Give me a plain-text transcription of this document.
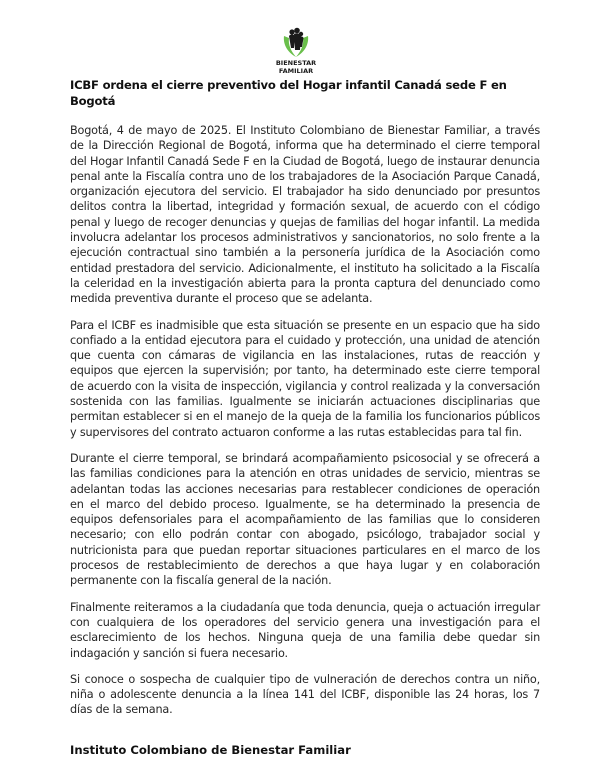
BIENESTAR
FAMILIAR
ICBF ordena el cierre preventivo del Hogar infantil Canadá sede F en Bogotá

Bogotá, 4 de mayo de 2025. El Instituto Colombiano de Bienestar Familiar, a través de la Dirección Regional de Bogotá, informa que ha determinado el cierre temporal del Hogar Infantil Canadá Sede F en la Ciudad de Bogotá, luego de instaurar denuncia penal ante la Fiscalía contra uno de los trabajadores de la Asociación Parque Canadá, organización ejecutora del servicio. El trabajador ha sido denunciado por presuntos delitos contra la libertad, integridad y formación sexual, de acuerdo con el código penal y luego de recoger denuncias y quejas de familias del hogar infantil. La medida involucra adelantar los procesos administrativos y sancionatorios, no solo frente a la ejecución contractual sino también a la personería jurídica de la Asociación como entidad prestadora del servicio. Adicionalmente, el instituto ha solicitado a la Fiscalía la celeridad en la investigación abierta para la pronta captura del denunciado como medida preventiva durante el proceso que se adelanta.

Para el ICBF es inadmisible que esta situación se presente en un espacio que ha sido confiado a la entidad ejecutora para el cuidado y protección, una unidad de atención que cuenta con cámaras de vigilancia en las instalaciones, rutas de reacción y equipos que ejercen la supervisión; por tanto, ha determinado este cierre temporal de acuerdo con la visita de inspección, vigilancia y control realizada y la conversación sostenida con las familias. Igualmente se iniciarán actuaciones disciplinarias que permitan establecer si en el manejo de la queja de la familia los funcionarios públicos y supervisores del contrato actuaron conforme a las rutas establecidas para tal fin.

Durante el cierre temporal, se brindará acompañamiento psicosocial y se ofrecerá a las familias condiciones para la atención en otras unidades de servicio, mientras se adelantan todas las acciones necesarias para restablecer condiciones de operación en el marco del debido proceso. Igualmente, se ha determinado la presencia de equipos defensoriales para el acompañamiento de las familias que lo consideren necesario; con ello podrán contar con abogado, psicólogo, trabajador social y nutricionista para que puedan reportar situaciones particulares en el marco de los procesos de restablecimiento de derechos a que haya lugar y en colaboración permanente con la fiscalía general de la nación.

Finalmente reiteramos a la ciudadanía que toda denuncia, queja o actuación irregular con cualquiera de los operadores del servicio genera una investigación para el esclarecimiento de los hechos. Ninguna queja de una familia debe quedar sin indagación y sanción si fuera necesario.

Si conoce o sospecha de cualquier tipo de vulneración de derechos contra un niño, niña o adolescente denuncia a la línea 141 del ICBF, disponible las 24 horas, los 7 días de la semana.

Instituto Colombiano de Bienestar Familiar
